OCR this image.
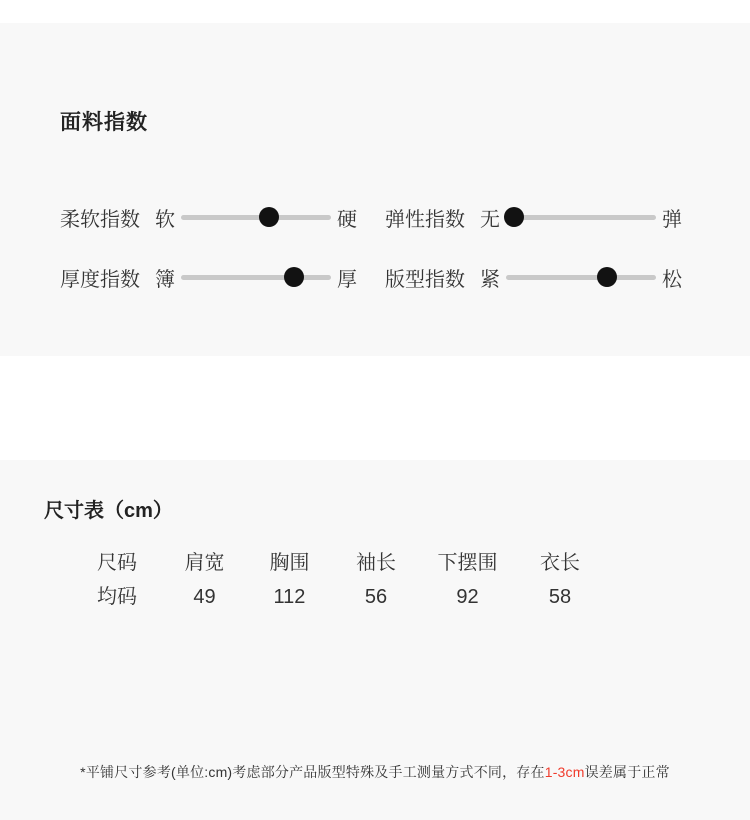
面料指数
柔软指数 软	硬 弹性指数 无	弹
厚度指数 簿	厚 版型指数 紧	松
尺寸表（cm）
尺码	肩宽	胸围	袖长	下摆围	衣长
均码	49	112	56	92	58
*平铺尺寸参考(单位:cm)考虑部分产品版型特殊及手工测量方式不同，存在1-3cm误差属于正常
